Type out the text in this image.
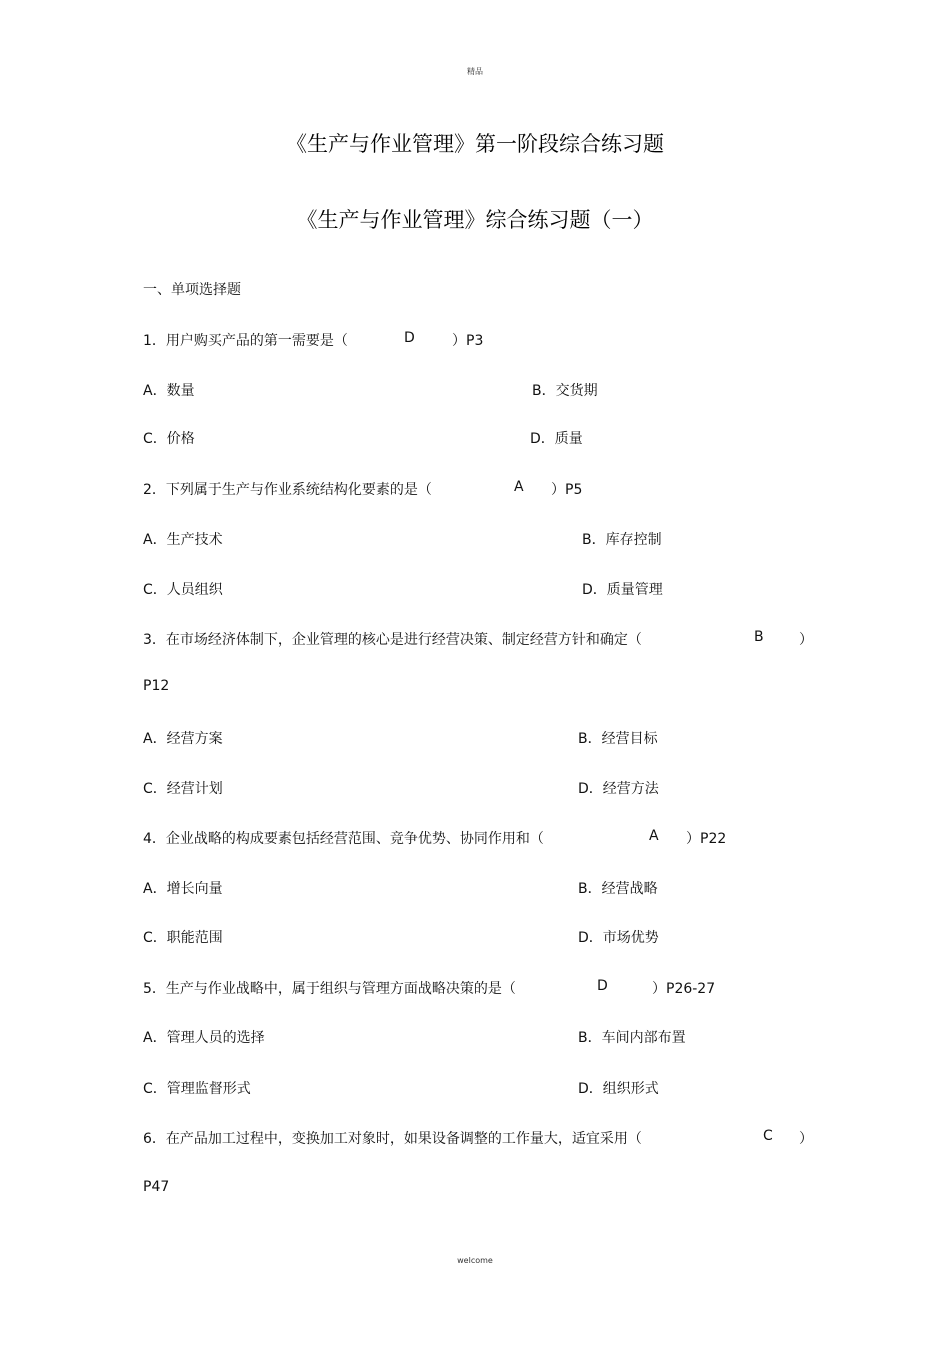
精品
《生产与作业管理》第一阶段综合练习题
《生产与作业管理》综合练习题（一）
一、单项选择题
1．用户购买产品的第一需要是（	D	）P3
A．数量	B．交货期
C．价格	D．质量
2．下列属于生产与作业系统结构化要素的是（	A ）P5
A．生产技术	B．库存控制
C．人员组织	D．质量管理
3．在市场经济体制下，企业管理的核心是进行经营决策、制定经营方针和确定（	B	）
P12
A．经营方案	B．经营目标
C．经营计划	D．经营方法
4．企业战略的构成要素包括经营范围、竞争优势、协同作用和（	A ）P22
A．增长向量	B．经营战略
C．职能范围	D．市场优势
5．生产与作业战略中，属于组织与管理方面战略决策的是（	D	）P26-27
A．管理人员的选择	B．车间内部布置
C．管理监督形式	D．组织形式
6．在产品加工过程中，变换加工对象时，如果设备调整的工作量大，适宜采用（	C ）
P47
welcome
